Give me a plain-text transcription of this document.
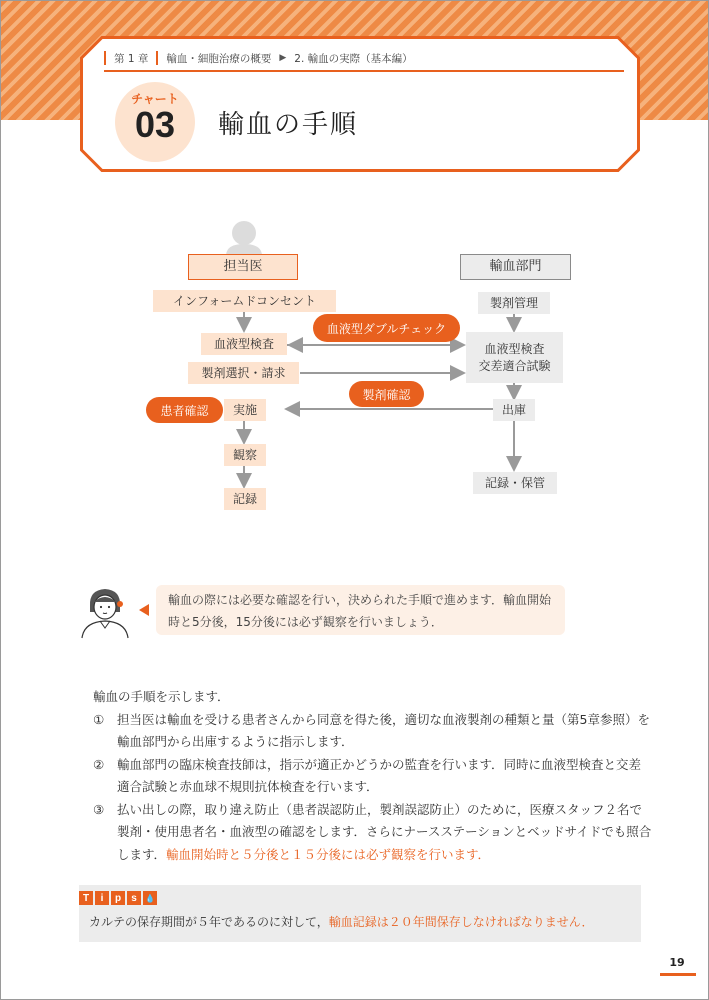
第 1 章 輸血・細胞治療の概要 ▶ 2. 輸血の実際（基本編）
チャート
03	輸血の手順
担当医	輸血部門
インフォームドコンセント
血液型検査
製剤選択・請求
実施
観察
記録
製剤管理
血液型検査
交差適合試験
出庫
記録・保管
血液型ダブルチェック
製剤確認
患者確認
輸血の際には必要な確認を行い，決められた手順で進めます．輸血開始時と5分後，15分後には必ず観察を行いましょう．
輸血の手順を示します．
①	担当医は輸血を受ける患者さんから同意を得た後，適切な血液製剤の種類と量（第5章参照）を輸血部門から出庫するように指示します．
②	輸血部門の臨床検査技師は，指示が適正かどうかの監査を行います．同時に血液型検査と交差適合試験と赤血球不規則抗体検査を行います．
③	払い出しの際，取り違え防止（患者誤認防止，製剤誤認防止）のために，医療スタッフ２名で製剤・使用患者名・血液型の確認をします．さらにナースステーションとベッドサイドでも照合します．輸血開始時と５分後と１５分後には必ず観察を行います．
T	i	p	s	💧
カルテの保存期間が５年であるのに対して，輸血記録は２０年間保存しなければなりません．
19
